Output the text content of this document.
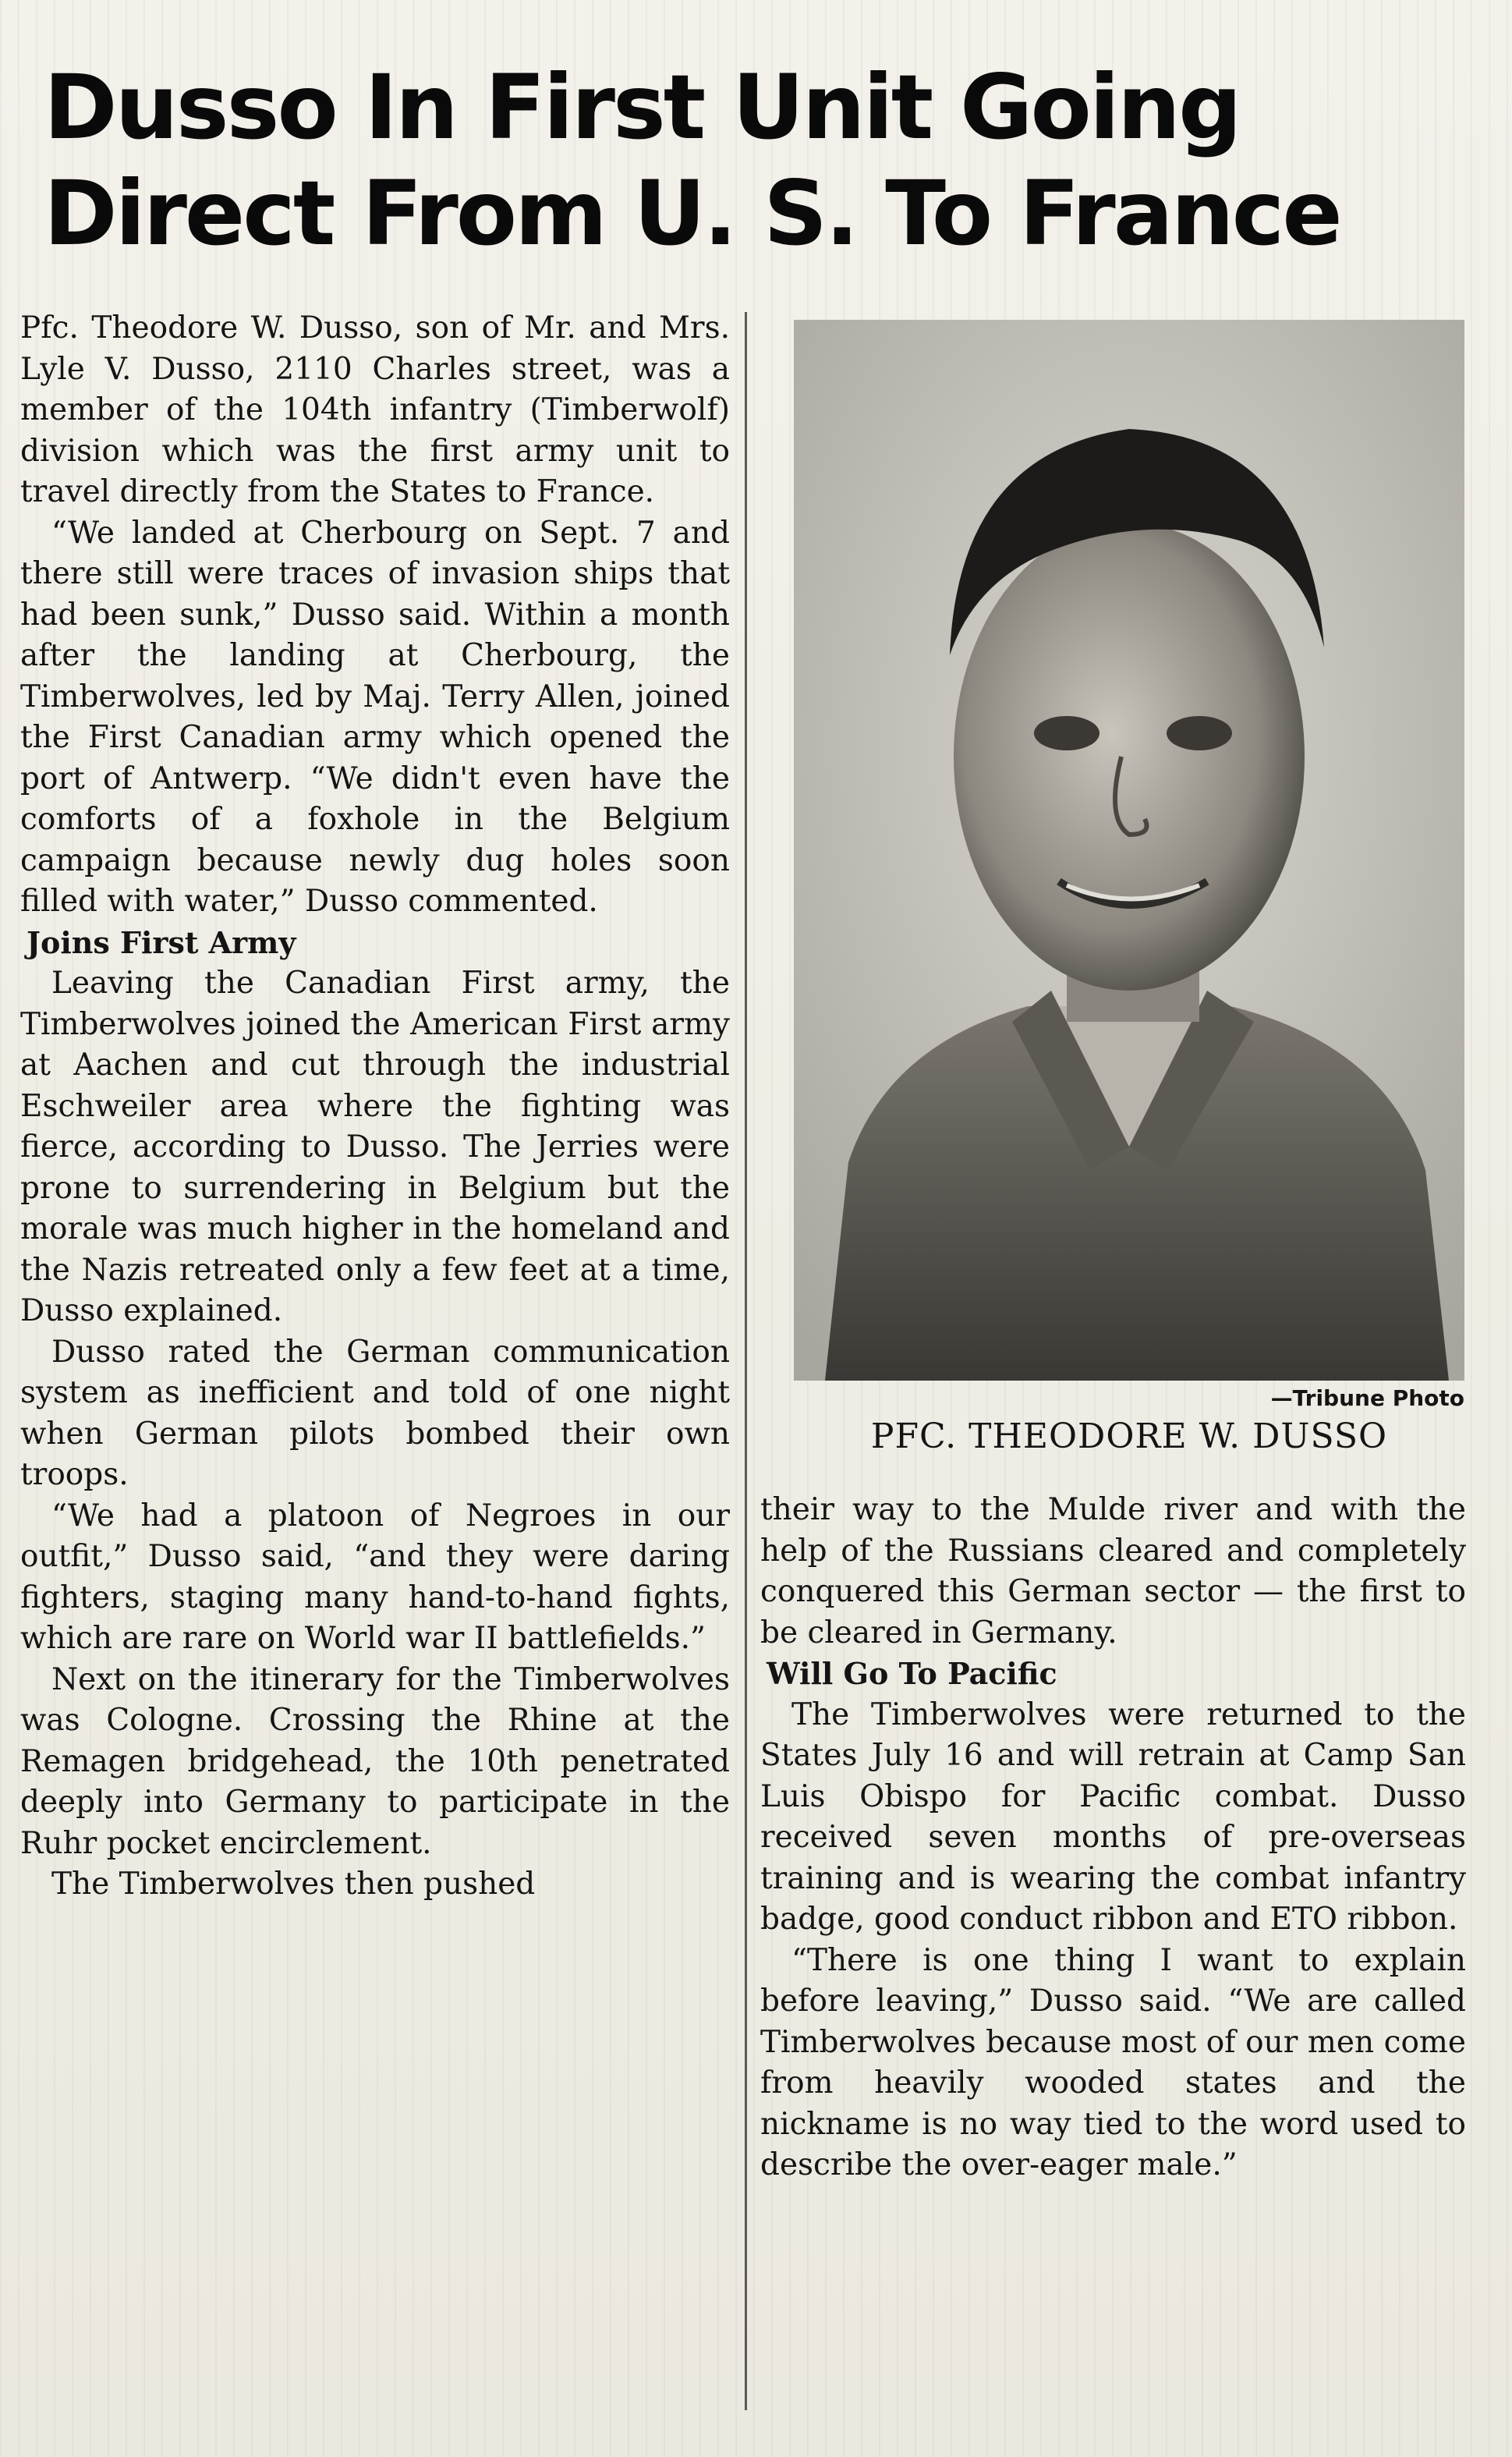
Dusso In First Unit Going
Direct From U. S. To France

Pfc. Theodore W. Dusso, son of Mr. and Mrs. Lyle V. Dusso, 2110 Charles street, was a member of the 104th infantry (Timberwolf) division which was the first army unit to travel directly from the States to France.

“We landed at Cherbourg on Sept. 7 and there still were traces of invasion ships that had been sunk,” Dusso said. Within a month after the landing at Cherbourg, the Timberwolves, led by Maj. Terry Allen, joined the First Canadian army which opened the port of Antwerp. “We didn't even have the comforts of a foxhole in the Belgium campaign because newly dug holes soon filled with water,” Dusso commented.

Joins First Army

Leaving the Canadian First army, the Timberwolves joined the American First army at Aachen and cut through the industrial Eschweiler area where the fighting was fierce, according to Dusso. The Jerries were prone to surrendering in Belgium but the morale was much higher in the homeland and the Nazis retreated only a few feet at a time, Dusso explained.

Dusso rated the German communication system as inefficient and told of one night when German pilots bombed their own troops.

“We had a platoon of Negroes in our outfit,” Dusso said, “and they were daring fighters, staging many hand-to-hand fights, which are rare on World war II battlefields.”

Next on the itinerary for the Timberwolves was Cologne. Crossing the Rhine at the Remagen bridgehead, the 10th penetrated deeply into Germany to participate in the Ruhr pocket encirclement.

The Timberwolves then pushed

—Tribune Photo
PFC. THEODORE W. DUSSO

their way to the Mulde river and with the help of the Russians cleared and completely conquered this German sector — the first to be cleared in Germany.

Will Go To Pacific

The Timberwolves were returned to the States July 16 and will retrain at Camp San Luis Obispo for Pacific combat. Dusso received seven months of pre-overseas training and is wearing the combat infantry badge, good conduct ribbon and ETO ribbon.

“There is one thing I want to explain before leaving,” Dusso said. “We are called Timberwolves because most of our men come from heavily wooded states and the nickname is no way tied to the word used to describe the over-eager male.”
